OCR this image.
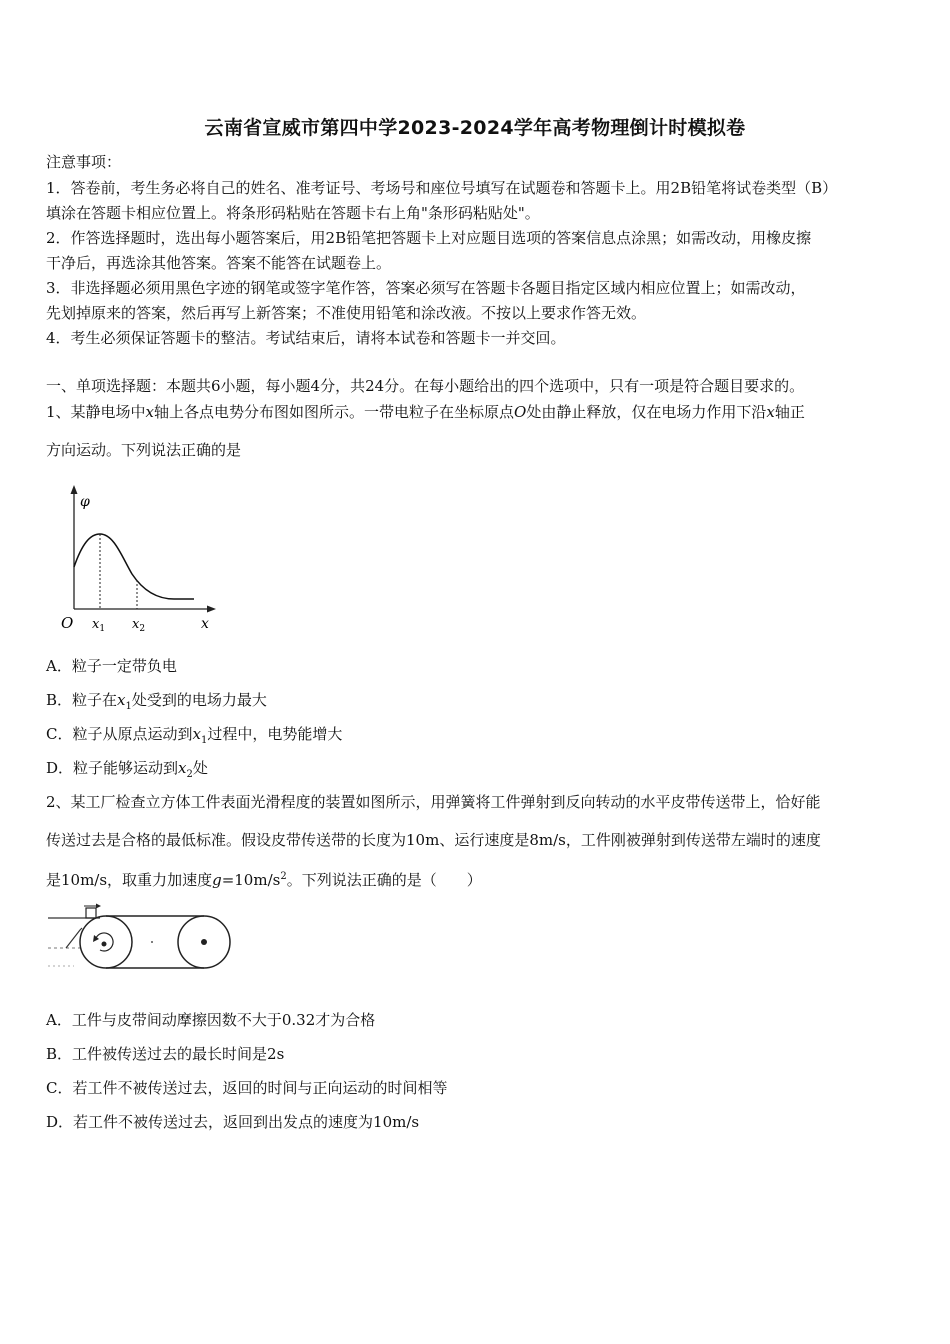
云南省宣威市第四中学2023-2024学年高考物理倒计时模拟卷
注意事项：
1．答卷前，考生务必将自己的姓名、准考证号、考场号和座位号填写在试题卷和答题卡上。用2B铅笔将试卷类型（B）
填涂在答题卡相应位置上。将条形码粘贴在答题卡右上角"条形码粘贴处"。
2．作答选择题时，选出每小题答案后，用2B铅笔把答题卡上对应题目选项的答案信息点涂黑；如需改动，用橡皮擦
干净后，再选涂其他答案。答案不能答在试题卷上。
3．非选择题必须用黑色字迹的钢笔或签字笔作答，答案必须写在答题卡各题目指定区域内相应位置上；如需改动，
先划掉原来的答案，然后再写上新答案；不准使用铅笔和涂改液。不按以上要求作答无效。
4．考生必须保证答题卡的整洁。考试结束后，请将本试卷和答题卡一并交回。
一、单项选择题：本题共6小题，每小题4分，共24分。在每小题给出的四个选项中，只有一项是符合题目要求的。
1、某静电场中x轴上各点电势分布图如图所示。一带电粒子在坐标原点O处由静止释放，仅在电场力作用下沿x轴正
方向运动。下列说法正确的是
φ
O $x_1$ $x_2$	x
A．粒子一定带负电
B．粒子在$x_1$处受到的电场力最大
C．粒子从原点运动到$x_1$过程中，电势能增大
D．粒子能够运动到$x_2$处
2、某工厂检查立方体工件表面光滑程度的装置如图所示，用弹簧将工件弹射到反向转动的水平皮带传送带上，恰好能
传送过去是合格的最低标准。假设皮带传送带的长度为10m、运行速度是8m/s，工件刚被弹射到传送带左端时的速度
是10m/s，取重力加速度$g=10m/s^2$。下列说法正确的是（　　）
A．工件与皮带间动摩擦因数不大于0.32才为合格
B．工件被传送过去的最长时间是2s
C．若工件不被传送过去，返回的时间与正向运动的时间相等
D．若工件不被传送过去，返回到出发点的速度为10m/s
